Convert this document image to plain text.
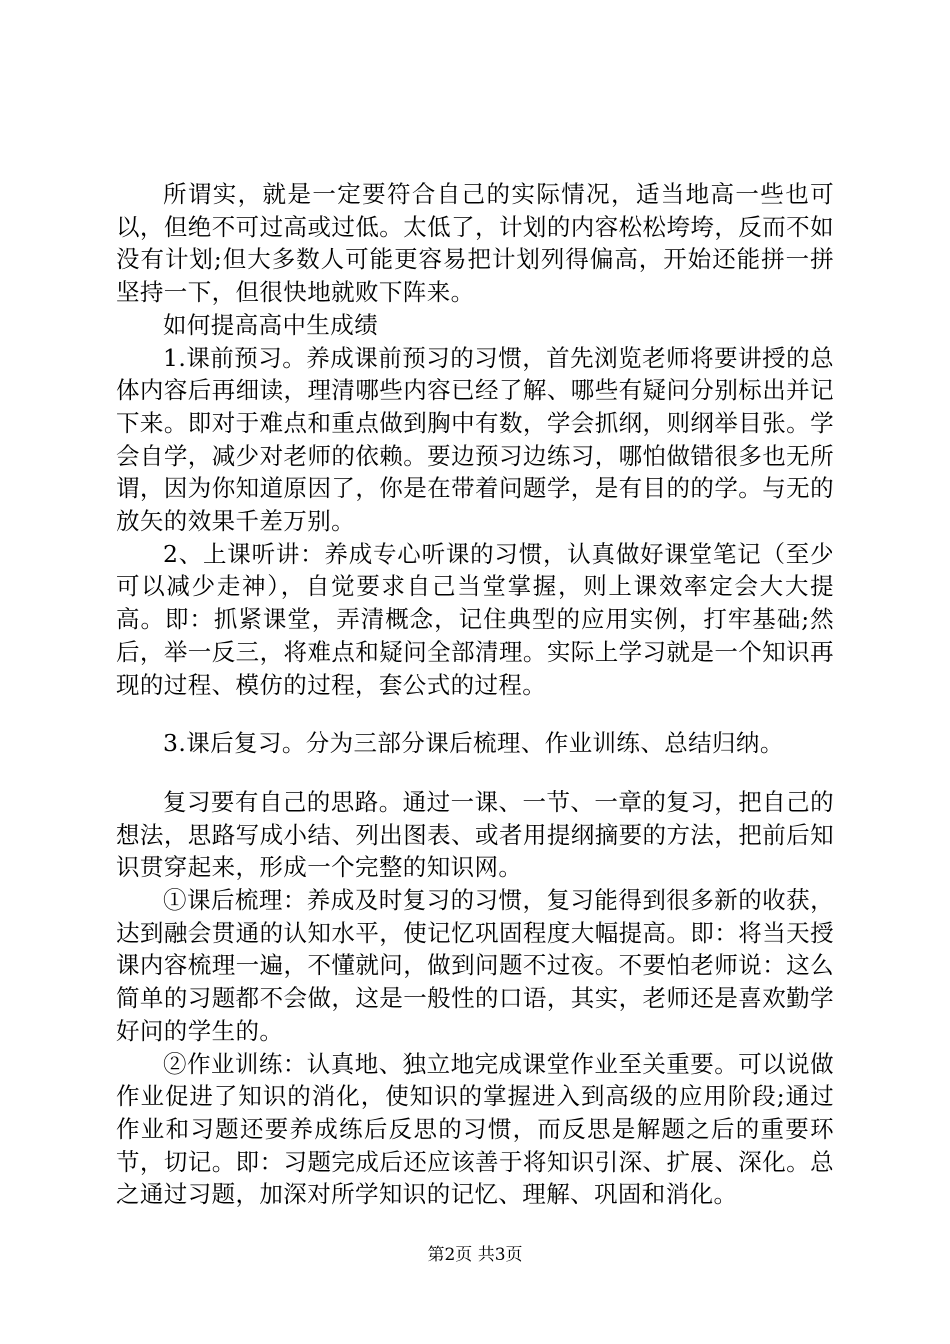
所谓实，就是一定要符合自己的实际情况，适当地高一些也可以，但绝不可过高或过低。太低了，计划的内容松松垮垮，反而不如没有计划;但大多数人可能更容易把计划列得偏高，开始还能拼一拼坚持一下，但很快地就败下阵来。

如何提高高中生成绩

1.课前预习。养成课前预习的习惯，首先浏览老师将要讲授的总体内容后再细读，理清哪些内容已经了解、哪些有疑问分别标出并记下来。即对于难点和重点做到胸中有数，学会抓纲，则纲举目张。学会自学，减少对老师的依赖。要边预习边练习，哪怕做错很多也无所谓，因为你知道原因了，你是在带着问题学，是有目的的学。与无的放矢的效果千差万别。

2、上课听讲：养成专心听课的习惯，认真做好课堂笔记（至少可以减少走神），自觉要求自己当堂掌握，则上课效率定会大大提高。即：抓紧课堂，弄清概念，记住典型的应用实例，打牢基础;然后，举一反三，将难点和疑问全部清理。实际上学习就是一个知识再现的过程、模仿的过程，套公式的过程。

3.课后复习。分为三部分课后梳理、作业训练、总结归纳。

复习要有自己的思路。通过一课、一节、一章的复习，把自己的想法，思路写成小结、列出图表、或者用提纲摘要的方法，把前后知识贯穿起来，形成一个完整的知识网。

①课后梳理：养成及时复习的习惯，复习能得到很多新的收获，达到融会贯通的认知水平，使记忆巩固程度大幅提高。即：将当天授课内容梳理一遍，不懂就问，做到问题不过夜。不要怕老师说：这么简单的习题都不会做，这是一般性的口语，其实，老师还是喜欢勤学好问的学生的。

②作业训练：认真地、独立地完成课堂作业至关重要。可以说做作业促进了知识的消化，使知识的掌握进入到高级的应用阶段;通过作业和习题还要养成练后反思的习惯，而反思是解题之后的重要环节，切记。即：习题完成后还应该善于将知识引深、扩展、深化。总之通过习题，加深对所学知识的记忆、理解、巩固和消化。

第2页 共3页
